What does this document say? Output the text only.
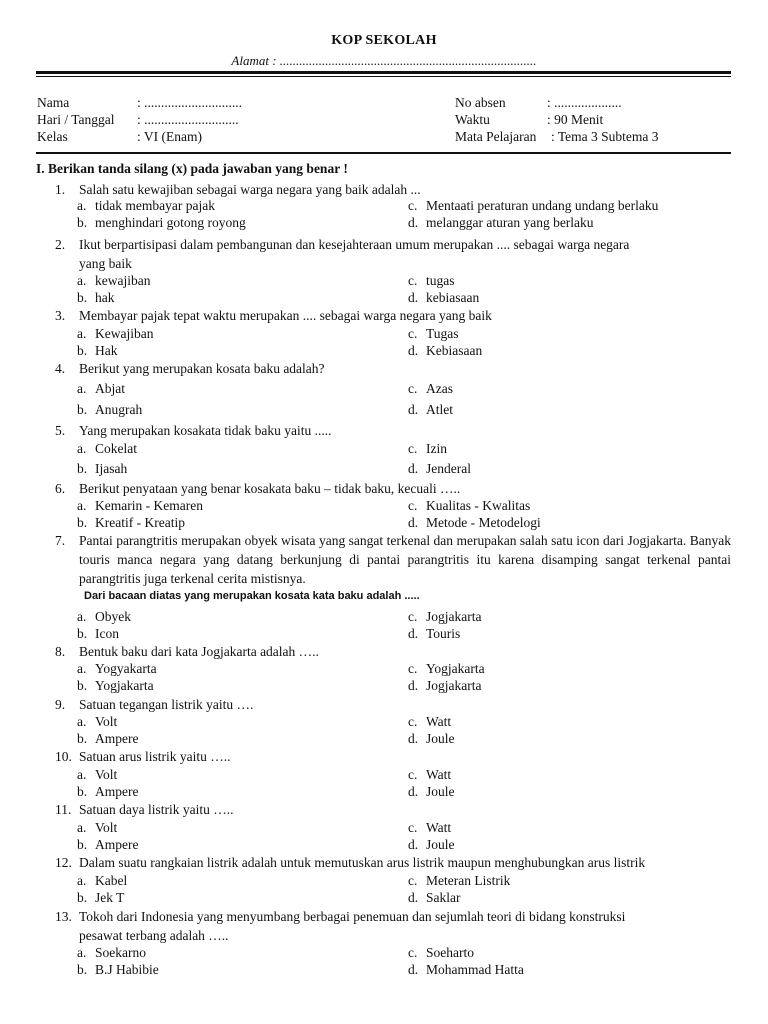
KOP SEKOLAH
Alamat : ...............................................................................
Nama	: .............................
Hari / Tanggal : ............................
Kelas	: VI (Enam)
No absen	: ....................
Waktu	: 90 Menit
Mata Pelajaran : Tema 3 Subtema 3
I. Berikan tanda silang (x) pada jawaban yang benar !
1.	Salah satu kewajiban sebagai warga negara yang baik adalah ...
a. tidak membayar pajak
b. menghindari gotong royong
c. Mentaati peraturan undang undang berlaku
d. melanggar aturan yang berlaku
2.	Ikut berpartisipasi dalam pembangunan dan kesejahteraan umum merupakan .... sebagai warga negara
yang baik
a. kewajiban
b. hak
c. tugas
d. kebiasaan
3.	Membayar pajak tepat waktu merupakan .... sebagai warga negara yang baik
a. Kewajiban
b. Hak
c. Tugas
d. Kebiasaan
4.	Berikut yang merupakan kosata baku adalah?
a. Abjat
b. Anugrah
c. Azas
d. Atlet
5.	Yang merupakan kosakata tidak baku yaitu .....
a. Cokelat
b. Ijasah
c. Izin
d. Jenderal
6.	Berikut penyataan yang benar kosakata baku – tidak baku, kecuali …..
a. Kemarin - Kemaren
b. Kreatif - Kreatip
c. Kualitas - Kwalitas
d. Metode - Metodelogi
7.	Pantai parangtritis merupakan obyek wisata yang sangat terkenal dan merupakan salah satu icon dari Jogjakarta. Banyak touris manca negara yang datang berkunjung di pantai parangtritis itu karena disamping sangat terkenal pantai parangtritis juga terkenal cerita mistisnya.
Dari bacaan diatas yang merupakan kosata kata baku adalah .....
a. Obyek
b. Icon
c. Jogjakarta
d. Touris
8.	Bentuk baku dari kata Jogjakarta adalah …..
a. Yogyakarta
b. Yogjakarta
c. Yogjakarta
d. Jogjakarta
9.	Satuan tegangan listrik yaitu ….
a. Volt
b. Ampere
c. Watt
d. Joule
10. Satuan arus listrik yaitu …..
a. Volt
b. Ampere
c. Watt
d. Joule
11. Satuan daya listrik yaitu …..
a. Volt
b. Ampere
c. Watt
d. Joule
12. Dalam suatu rangkaian listrik adalah untuk memutuskan arus listrik maupun menghubungkan arus listrik
a. Kabel
b. Jek T
c. Meteran Listrik
d. Saklar
13. Tokoh dari Indonesia yang menyumbang berbagai penemuan dan sejumlah teori di bidang konstruksi
pesawat terbang adalah …..
a. Soekarno
b. B.J Habibie
c. Soeharto
d. Mohammad Hatta
